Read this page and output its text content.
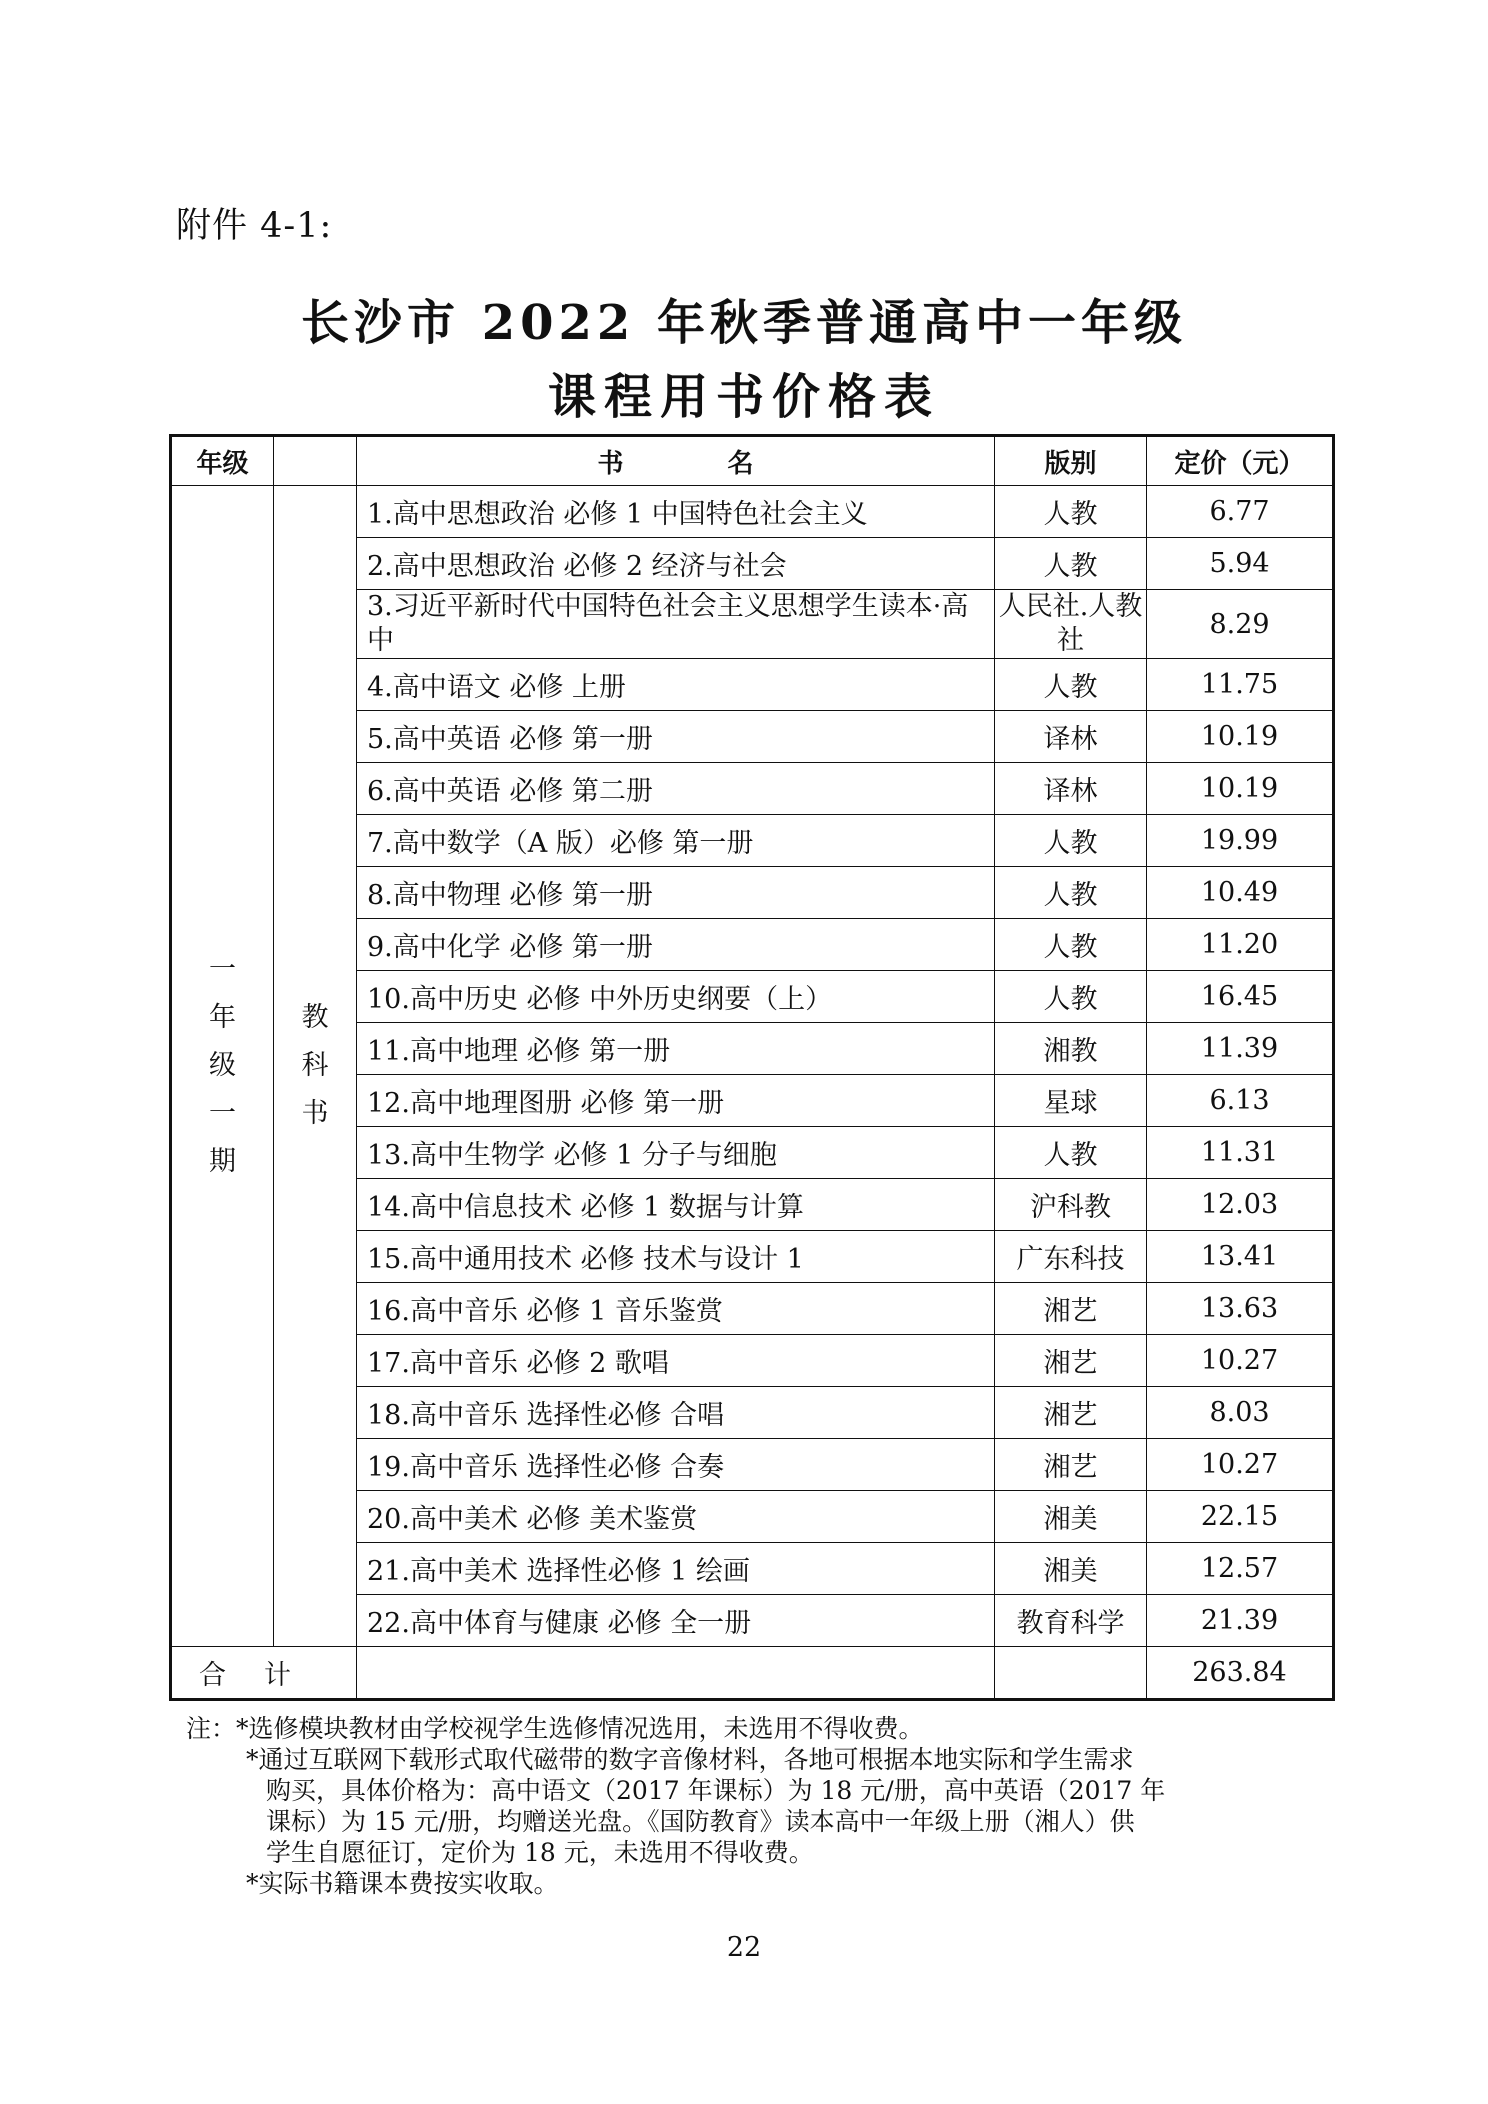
附件 4-1:
长沙市 2022 年秋季普通高中一年级
课程用书价格表
年级		书　　　　名	版别	定价（元）

一
年
级
一
期	教
科
书	1.高中思想政治 必修 1 中国特色社会主义	人教	6.77
		2.高中思想政治 必修 2 经济与社会	人教	5.94
		3.习近平新时代中国特色社会主义思想学生读本·高中	人民社.人教社	8.29
		4.高中语文 必修 上册	人教	11.75
		5.高中英语 必修 第一册	译林	10.19
		6.高中英语 必修 第二册	译林	10.19
		7.高中数学（A 版）必修 第一册	人教	19.99
		8.高中物理 必修 第一册	人教	10.49
		9.高中化学 必修 第一册	人教	11.20
		10.高中历史 必修 中外历史纲要（上）	人教	16.45
		11.高中地理 必修 第一册	湘教	11.39
		12.高中地理图册 必修 第一册	星球	6.13
		13.高中生物学 必修 1 分子与细胞	人教	11.31
		14.高中信息技术 必修 1 数据与计算	沪科教	12.03
		15.高中通用技术 必修 技术与设计 1	广东科技	13.41
		16.高中音乐 必修 1 音乐鉴赏	湘艺	13.63
		17.高中音乐 必修 2 歌唱	湘艺	10.27
		18.高中音乐 选择性必修 合唱	湘艺	8.03
		19.高中音乐 选择性必修 合奏	湘艺	10.27
		20.高中美术 必修 美术鉴赏	湘美	22.15
		21.高中美术 选择性必修 1 绘画	湘美	12.57
		22.高中体育与健康 必修 全一册	教育科学	21.39
合计				263.84
注：*选修模块教材由学校视学生选修情况选用，未选用不得收费。
*通过互联网下载形式取代磁带的数字音像材料，各地可根据本地实际和学生需求
购买，具体价格为：高中语文（2017 年课标）为 18 元/册，高中英语（2017 年
课标）为 15 元/册，均赠送光盘。《国防教育》读本高中一年级上册（湘人）供
学生自愿征订，定价为 18 元，未选用不得收费。
*实际书籍课本费按实收取。
22
